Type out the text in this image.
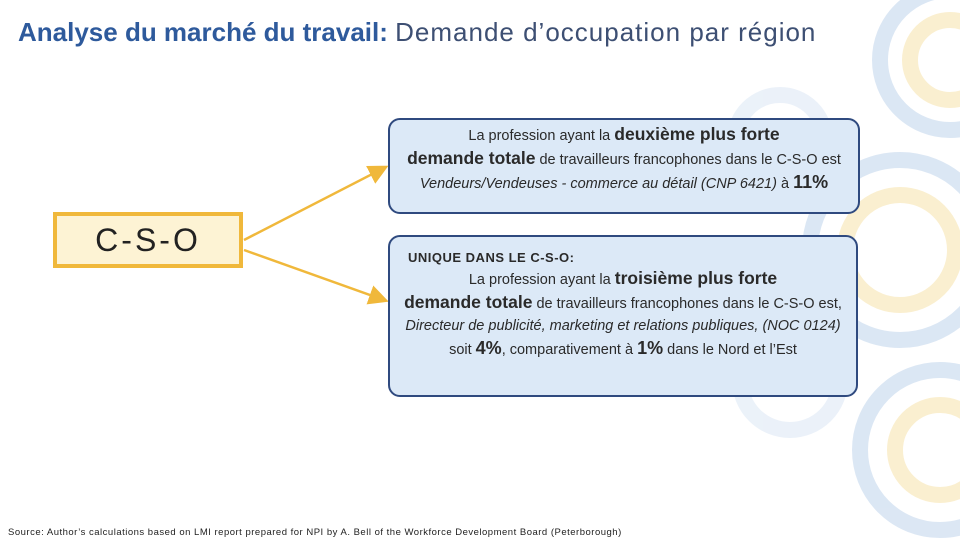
Analyse du marché du travail: Demande d’occupation par région
C-S-O
La profession ayant la deuxième plus forte
demande totale de travailleurs francophones dans le C-S-O est Vendeurs/Vendeuses - commerce au détail (CNP 6421) à 11%
UNIQUE DANS LE C-S-O:
La profession ayant la troisième plus forte
demande totale de travailleurs francophones dans le C-S-O est, Directeur de publicité, marketing et relations publiques, (NOC 0124) soit 4%, comparativement à 1% dans le Nord et l’Est
Source: Author’s calculations based on LMI report prepared for NPI by A. Bell of the Workforce Development Board (Peterborough)
